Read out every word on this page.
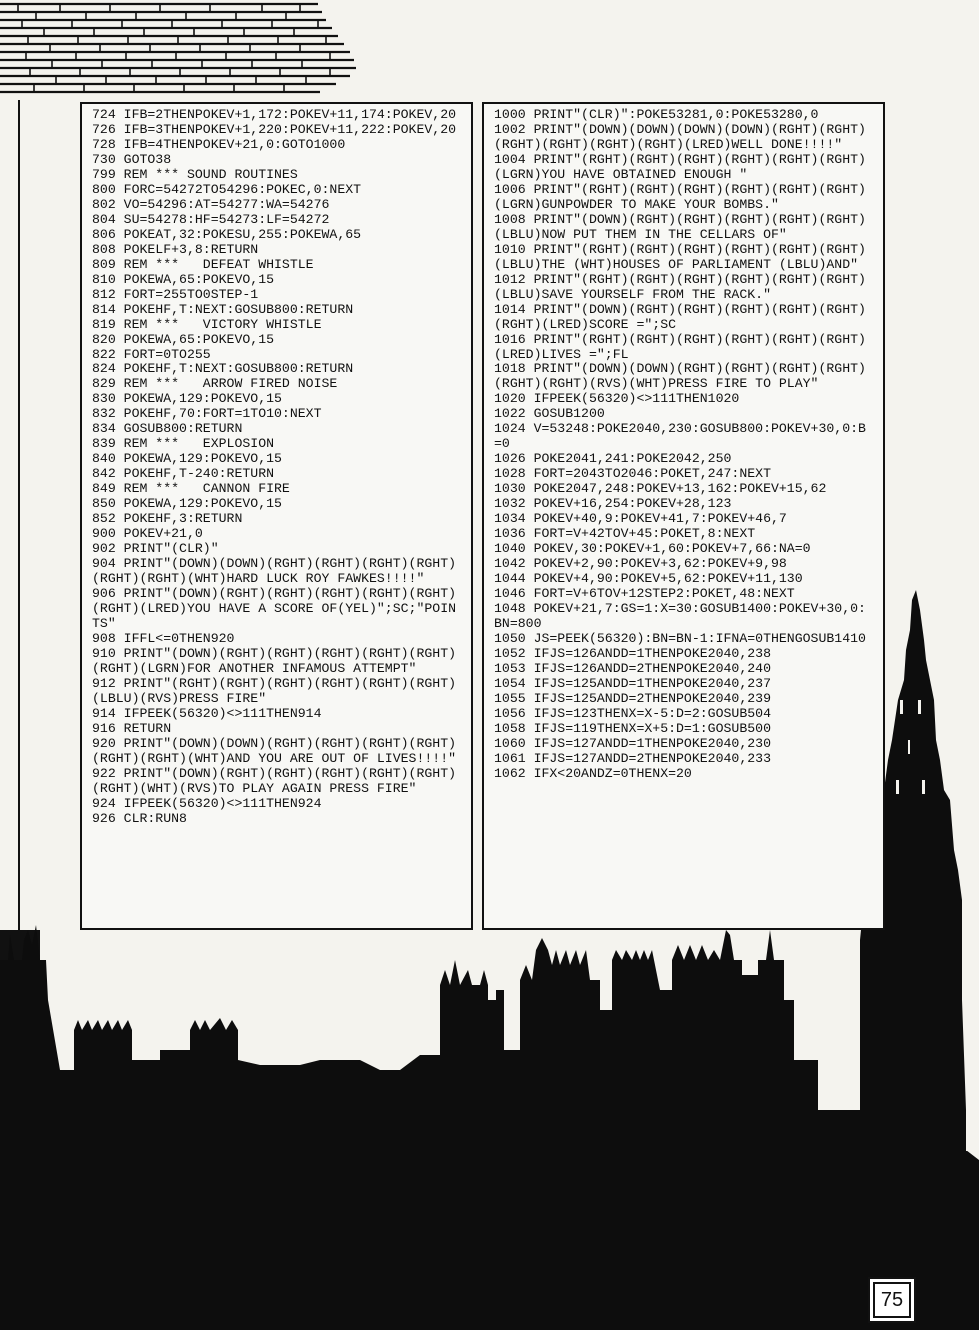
724 IFB=2THENPOKEV+1,172:POKEV+11,174:POKEV,20
726 IFB=3THENPOKEV+1,220:POKEV+11,222:POKEV,20
728 IFB=4THENPOKEV+21,0:GOTO1000
730 GOTO38
799 REM *** SOUND ROUTINES
800 FORC=54272TO54296:POKEC,0:NEXT
802 VO=54296:AT=54277:WA=54276
804 SU=54278:HF=54273:LF=54272
806 POKEAT,32:POKESU,255:POKEWA,65
808 POKELF+3,8:RETURN
809 REM ***   DEFEAT WHISTLE
810 POKEWA,65:POKEVO,15
812 FORT=255TO0STEP-1
814 POKEHF,T:NEXT:GOSUB800:RETURN
819 REM ***   VICTORY WHISTLE
820 POKEWA,65:POKEVO,15
822 FORT=0TO255
824 POKEHF,T:NEXT:GOSUB800:RETURN
829 REM ***   ARROW FIRED NOISE
830 POKEWA,129:POKEVO,15
832 POKEHF,70:FORT=1TO10:NEXT
834 GOSUB800:RETURN
839 REM ***   EXPLOSION
840 POKEWA,129:POKEVO,15
842 POKEHF,T-240:RETURN
849 REM ***   CANNON FIRE
850 POKEWA,129:POKEVO,15
852 POKEHF,3:RETURN
900 POKEV+21,0
902 PRINT"(CLR)"
904 PRINT"(DOWN)(DOWN)(RGHT)(RGHT)(RGHT)(RGHT)(RGHT)(RGHT)(WHT)HARD LUCK ROY FAWKES!!!!"
906 PRINT"(DOWN)(RGHT)(RGHT)(RGHT)(RGHT)(RGHT)(RGHT)(LRED)YOU HAVE A SCORE OF(YEL)";SC;"POINTS"
908 IFFL<=0THEN920
910 PRINT"(DOWN)(RGHT)(RGHT)(RGHT)(RGHT)(RGHT)(RGHT)(LGRN)FOR ANOTHER INFAMOUS ATTEMPT"
912 PRINT"(RGHT)(RGHT)(RGHT)(RGHT)(RGHT)(RGHT)(LBLU)(RVS)PRESS FIRE"
914 IFPEEK(56320)<>111THEN914
916 RETURN
920 PRINT"(DOWN)(DOWN)(RGHT)(RGHT)(RGHT)(RGHT)(RGHT)(RGHT)(WHT)AND YOU ARE OUT OF LIVES!!!!"
922 PRINT"(DOWN)(RGHT)(RGHT)(RGHT)(RGHT)(RGHT)(RGHT)(WHT)(RVS)TO PLAY AGAIN PRESS FIRE"
924 IFPEEK(56320)<>111THEN924
926 CLR:RUN8
1000 PRINT"(CLR)":POKE53281,0:POKE53280,0
1002 PRINT"(DOWN)(DOWN)(DOWN)(DOWN)(RGHT)(RGHT)(RGHT)(RGHT)(RGHT)(RGHT)(LRED)WELL DONE!!!!"
1004 PRINT"(RGHT)(RGHT)(RGHT)(RGHT)(RGHT)(RGHT)(LGRN)YOU HAVE OBTAINED ENOUGH "
1006 PRINT"(RGHT)(RGHT)(RGHT)(RGHT)(RGHT)(RGHT)(LGRN)GUNPOWDER TO MAKE YOUR BOMBS."
1008 PRINT"(DOWN)(RGHT)(RGHT)(RGHT)(RGHT)(RGHT)(LBLU)NOW PUT THEM IN THE CELLARS OF"
1010 PRINT"(RGHT)(RGHT)(RGHT)(RGHT)(RGHT)(RGHT)(LBLU)THE (WHT)HOUSES OF PARLIAMENT (LBLU)AND"
1012 PRINT"(RGHT)(RGHT)(RGHT)(RGHT)(RGHT)(RGHT)(LBLU)SAVE YOURSELF FROM THE RACK."
1014 PRINT"(DOWN)(RGHT)(RGHT)(RGHT)(RGHT)(RGHT)(RGHT)(LRED)SCORE =";SC
1016 PRINT"(RGHT)(RGHT)(RGHT)(RGHT)(RGHT)(RGHT)(LRED)LIVES =";FL
1018 PRINT"(DOWN)(DOWN)(RGHT)(RGHT)(RGHT)(RGHT)(RGHT)(RGHT)(RVS)(WHT)PRESS FIRE TO PLAY"
1020 IFPEEK(56320)<>111THEN1020
1022 GOSUB1200
1024 V=53248:POKE2040,230:GOSUB800:POKEV+30,0:B=0
1026 POKE2041,241:POKE2042,250
1028 FORT=2043TO2046:POKET,247:NEXT
1030 POKE2047,248:POKEV+13,162:POKEV+15,62
1032 POKEV+16,254:POKEV+28,123
1034 POKEV+40,9:POKEV+41,7:POKEV+46,7
1036 FORT=V+42TOV+45:POKET,8:NEXT
1040 POKEV,30:POKEV+1,60:POKEV+7,66:NA=0
1042 POKEV+2,90:POKEV+3,62:POKEV+9,98
1044 POKEV+4,90:POKEV+5,62:POKEV+11,130
1046 FORT=V+6TOV+12STEP2:POKET,48:NEXT
1048 POKEV+21,7:GS=1:X=30:GOSUB1400:POKEV+30,0:BN=800
1050 JS=PEEK(56320):BN=BN-1:IFNA=0THENGOSUB1410
1052 IFJS=126ANDD=1THENPOKE2040,238
1053 IFJS=126ANDD=2THENPOKE2040,240
1054 IFJS=125ANDD=1THENPOKE2040,237
1055 IFJS=125ANDD=2THENPOKE2040,239
1056 IFJS=123THENX=X-5:D=2:GOSUB504
1058 IFJS=119THENX=X+5:D=1:GOSUB500
1060 IFJS=127ANDD=1THENPOKE2040,230
1061 IFJS=127ANDD=2THENPOKE2040,233
1062 IFX<20ANDZ=0THENX=20
75
